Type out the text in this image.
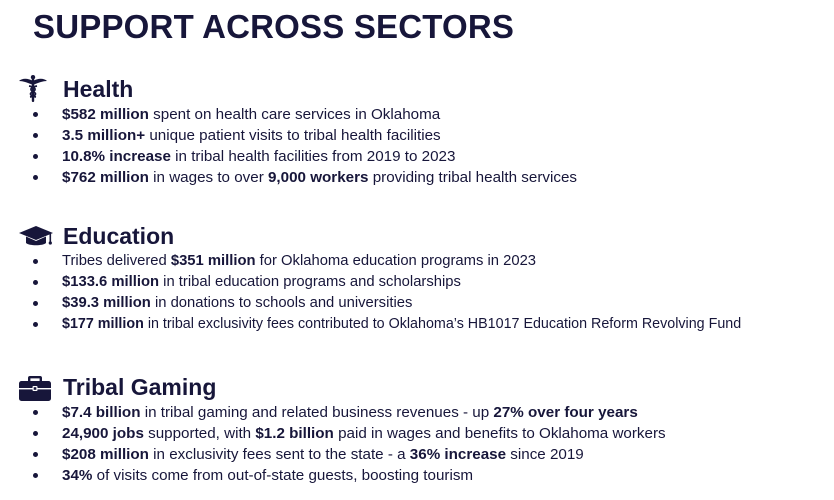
SUPPORT ACROSS SECTORS
Health
$582 million spent on health care services in Oklahoma
3.5 million+ unique patient visits to tribal health facilities
10.8% increase in tribal health facilities from 2019 to 2023
$762 million in wages to over 9,000 workers providing tribal health services
Education
Tribes delivered $351 million for Oklahoma education programs in 2023
$133.6 million in tribal education programs and scholarships
$39.3 million in donations to schools and universities
$177 million in tribal exclusivity fees contributed to Oklahoma’s HB1017 Education Reform Revolving Fund
Tribal Gaming
$7.4 billion in tribal gaming and related business revenues - up 27% over four years
24,900 jobs supported, with $1.2 billion paid in wages and benefits to Oklahoma workers
$208 million in exclusivity fees sent to the state - a 36% increase since 2019
34% of visits come from out-of-state guests, boosting tourism
